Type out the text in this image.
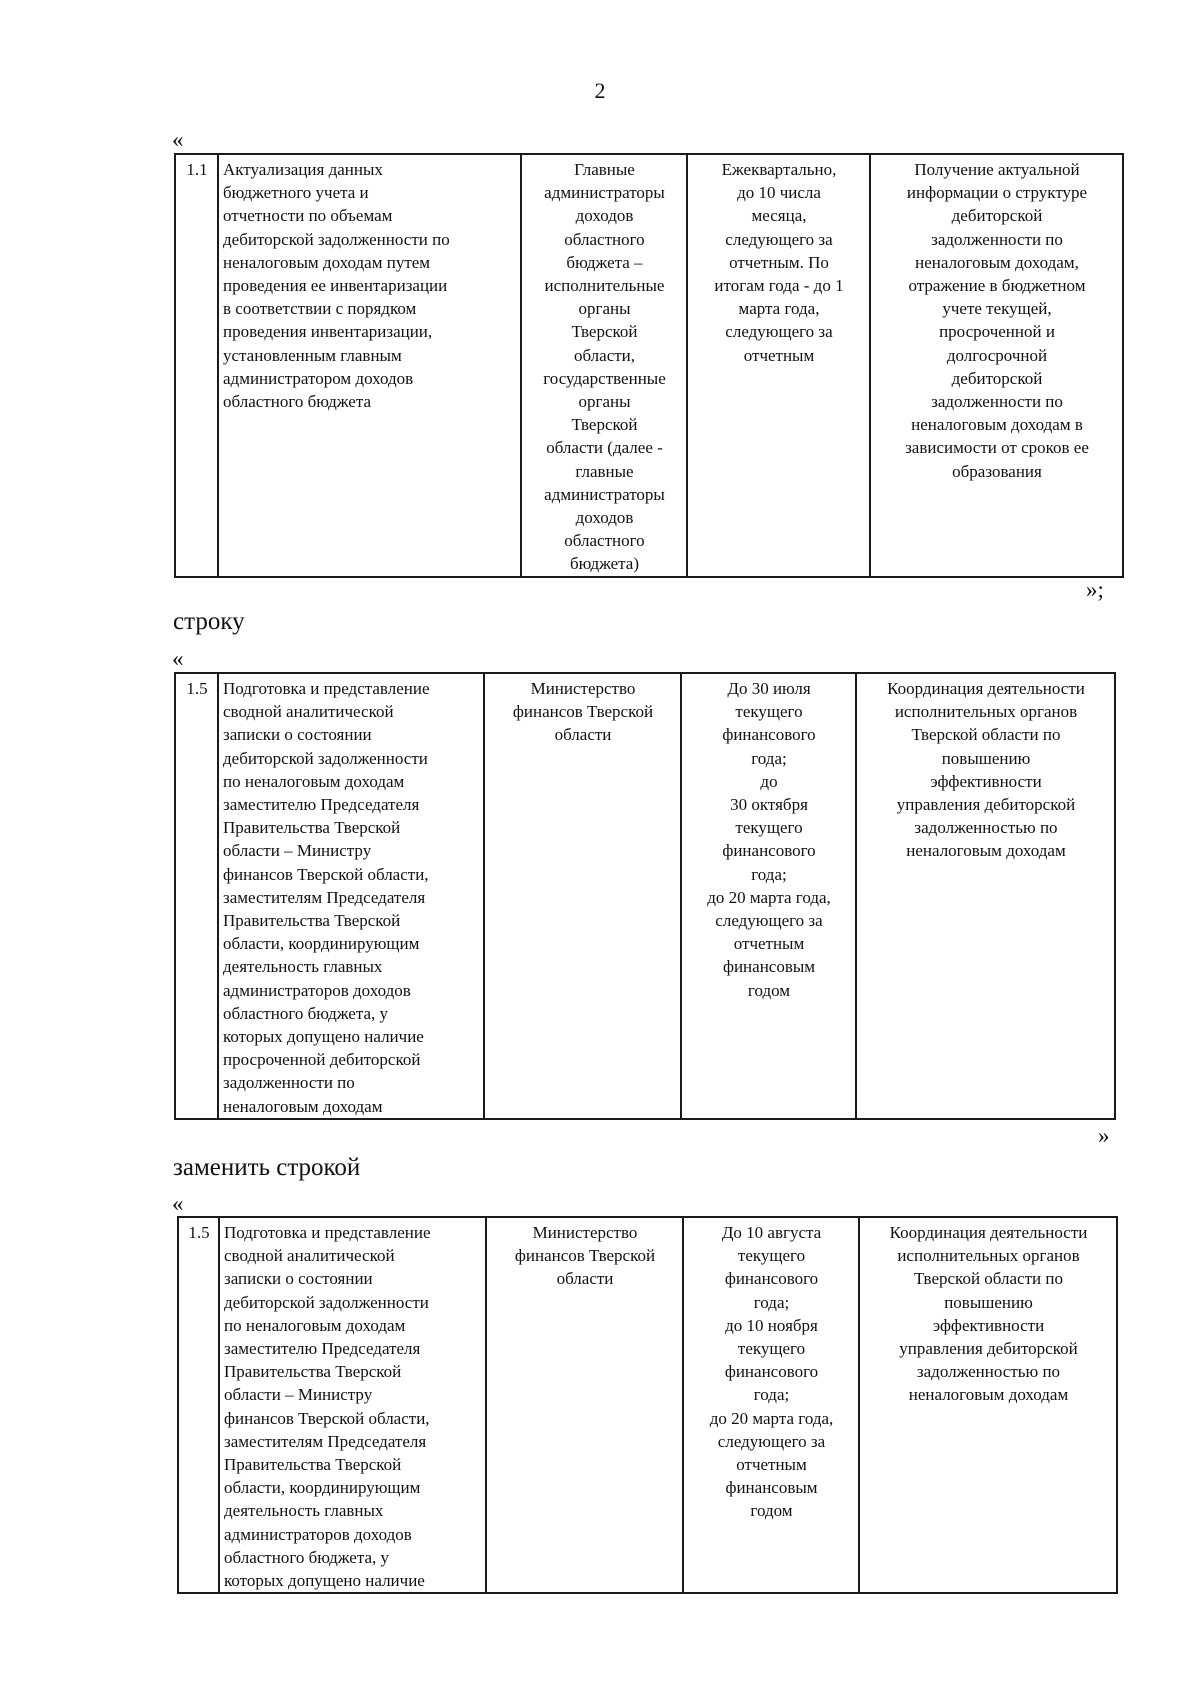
2
«
1.1	Актуализация данных
бюджетного учета и
отчетности по объемам
дебиторской задолженности по
неналоговым доходам путем
проведения ее инвентаризации
в соответствии с порядком
проведения инвентаризации,
установленным главным
администратором доходов
областного бюджета

Главные
администраторы
доходов
областного
бюджета –
исполнительные
органы
Тверской
области,
государственные
органы
Тверской
области (далее -
главные
администраторы
доходов
областного
бюджета)

Ежеквартально,
до 10 числа
месяца,
следующего за
отчетным. По
итогам года - до 1
марта года,
следующего за
отчетным

Получение актуальной
информации о структуре
дебиторской
задолженности по
неналоговым доходам,
отражение в бюджетном
учете текущей,
просроченной и
долгосрочной
дебиторской
задолженности по
неналоговым доходам в
зависимости от сроков ее
образования
»;
строку
«
1.5	Подготовка и представление
сводной аналитической
записки о состоянии
дебиторской задолженности
по неналоговым доходам
заместителю Председателя
Правительства Тверской
области – Министру
финансов Тверской области,
заместителям Председателя
Правительства Тверской
области, координирующим
деятельность главных
администраторов доходов
областного бюджета, у
которых допущено наличие
просроченной дебиторской
задолженности по
неналоговым доходам

Министерство
финансов Тверской
области

До 30 июля
текущего
финансового
года;
до
30 октября
текущего
финансового
года;
до 20 марта года,
следующего за
отчетным
финансовым
годом

Координация деятельности
исполнительных органов
Тверской области по
повышению
эффективности
управления дебиторской
задолженностью по
неналоговым доходам
»
заменить строкой
«
1.5	Подготовка и представление
сводной аналитической
записки о состоянии
дебиторской задолженности
по неналоговым доходам
заместителю Председателя
Правительства Тверской
области – Министру
финансов Тверской области,
заместителям Председателя
Правительства Тверской
области, координирующим
деятельность главных
администраторов доходов
областного бюджета, у
которых допущено наличие

Министерство
финансов Тверской
области

До 10 августа
текущего
финансового
года;
до 10 ноября
текущего
финансового
года;
до 20 марта года,
следующего за
отчетным
финансовым
годом

Координация деятельности
исполнительных органов
Тверской области по
повышению
эффективности
управления дебиторской
задолженностью по
неналоговым доходам
